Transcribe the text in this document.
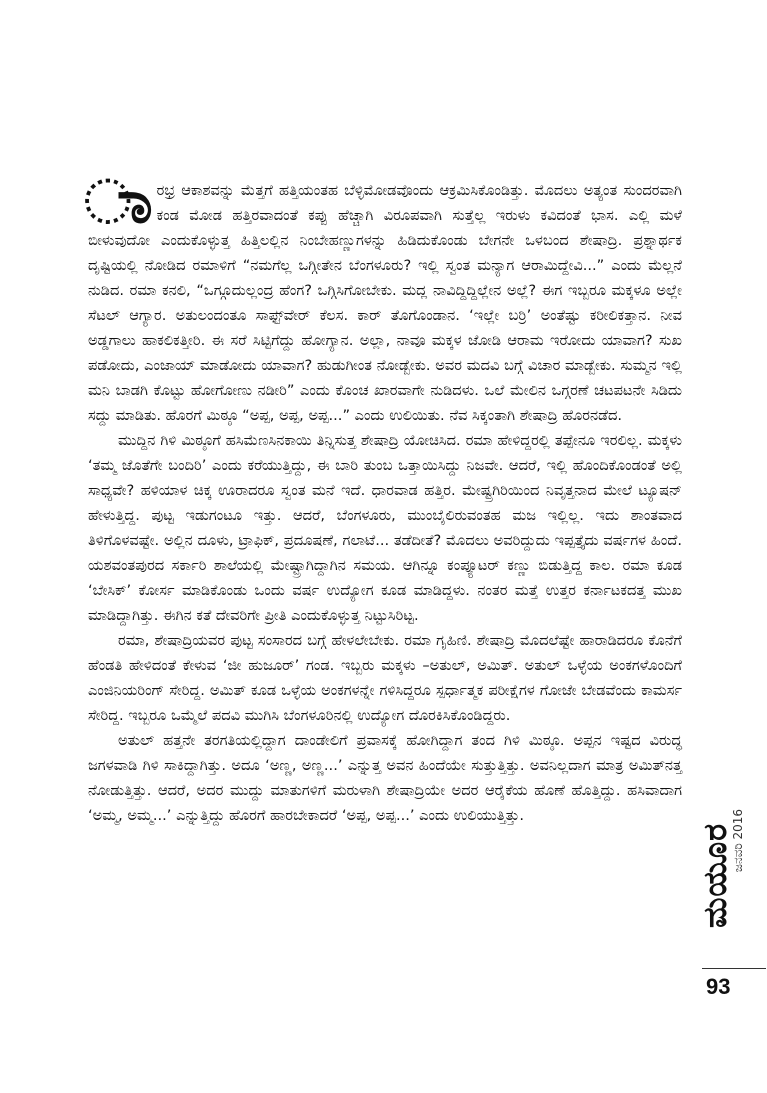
ಾ ರಭ್ರ ಆಕಾಶವನ್ನು ಮೆತ್ತಗೆ ಹತ್ತಿಯಂತಹ ಬೆಳ್ಳಿಮೋಡವೊಂದು ಆಕ್ರಮಿಸಿಕೊಂಡಿತ್ತು. ಮೊದಲು ಅತ್ಯಂತ ಸುಂದರವಾಗಿ ಕಂಡ ಮೋಡ ಹತ್ತಿರವಾದಂತೆ ಕಪ್ಪು ಹೆಚ್ಚಾಗಿ ವಿರೂಪವಾಗಿ ಸುತ್ತೆಲ್ಲ ಇರುಳು ಕವಿದಂತೆ ಭಾಸ. ಎಲ್ಲಿ ಮಳೆ ಬೀಳುವುದೋ ಎಂದುಕೊಳ್ಳುತ್ತ ಹಿತ್ತಿಲಲ್ಲಿನ ನಿಂಬೇಹಣ್ಣುಗಳನ್ನು ಹಿಡಿದುಕೊಂಡು ಬೇಗನೇ ಒಳಬಂದ ಶೇಷಾದ್ರಿ. ಪ್ರಶ್ನಾರ್ಥಕ ದೃಷ್ಟಿಯಲ್ಲಿ ನೋಡಿದ ರಮಾಳಿಗೆ “ನಮಗೆಲ್ಲ ಒಗ್ಗೀತೇನ ಬೆಂಗಳೂರು? ಇಲ್ಲಿ ಸ್ವಂತ ಮನ್ಯಾಗ ಆರಾಮಿದ್ದೇವಿ...” ಎಂದು ಮೆಲ್ಲನೆ ನುಡಿದ. ರಮಾ ಕನಲಿ, “ಒಗ್ಗೂದುಲ್ಲಂದ್ರ ಹೆಂಗ? ಒಗ್ಗಿಸಿಗೋಬೇಕು. ಮದ್ಲ ನಾವಿದ್ದಿದ್ದಿಲ್ಲೇನ ಅಲ್ಲೆ? ಈಗ ಇಬ್ಬರೂ ಮಕ್ಕಳೂ ಅಲ್ಲೇ ಸೆಟಲ್ ಆಗ್ಯಾರ. ಅತುಲಂದಂತೂ ಸಾಫ್ಟ್‌ವೇರ್ ಕೆಲಸ. ಕಾರ್ ತೊಗೊಂಡಾನ. ‘ಇಲ್ಲೇ ಬರ್ರಿ’ ಅಂತೆಷ್ಟು ಕರೀಲಿಕತ್ತಾನ. ನೀವ ಅಡ್ಡಗಾಲು ಹಾಕಲಿಕತ್ತೀರಿ. ಈ ಸರೆ ಸಿಟ್ಟಿಗೆದ್ದು ಹೋಗ್ಯಾನ. ಅಲ್ಲಾ, ನಾವೂ ಮಕ್ಕಳ ಜೋಡಿ ಆರಾಮ ಇರೋದು ಯಾವಾಗ? ಸುಖ ಪಡೋದು, ಎಂಜಾಯ್ ಮಾಡೋದು ಯಾವಾಗ? ಹುಡುಗೀಂತ ನೋಡ್ಬೇಕು. ಅವರ ಮದವಿ ಬಗ್ಗೆ ವಿಚಾರ ಮಾಡ್ಬೇಕು. ಸುಮ್ಮನ ಇಲ್ಲಿ ಮನಿ ಬಾಡಗಿ ಕೊಟ್ಟು ಹೋಗೋಣು ನಡೀರಿ” ಎಂದು ಕೊಂಚ ಖಾರವಾಗೇ ನುಡಿದಳು. ಒಲೆ ಮೇಲಿನ ಒಗ್ಗರಣೆ ಚಟಪಟನೇ ಸಿಡಿದು ಸದ್ದು ಮಾಡಿತು. ಹೊರಗೆ ಮಿಠ್ಠೂ “ಅಪ್ಪ, ಅಪ್ಪ, ಅಪ್ಪ...” ಎಂದು ಉಲಿಯಿತು. ನೆವ ಸಿಕ್ಕಂತಾಗಿ ಶೇಷಾದ್ರಿ ಹೊರನಡೆದ.

ಮುದ್ದಿನ ಗಿಳಿ ಮಿಠ್ಠೂಗೆ ಹಸಿಮೆಣಸಿನಕಾಯಿ ತಿನ್ನಿಸುತ್ತ ಶೇಷಾದ್ರಿ ಯೋಚಿಸಿದ. ರಮಾ ಹೇಳಿದ್ದರಲ್ಲಿ ತಪ್ಪೇನೂ ಇರಲಿಲ್ಲ. ಮಕ್ಕಳು ‘ತಮ್ಮ ಜೊತೆಗೇ ಬಂದಿರಿ’ ಎಂದು ಕರೆಯುತ್ತಿದ್ದು, ಈ ಬಾರಿ ತುಂಬ ಒತ್ತಾಯಿಸಿದ್ದು ನಿಜವೇ. ಆದರೆ, ಇಲ್ಲಿ ಹೊಂದಿಕೊಂಡಂತೆ ಅಲ್ಲಿ ಸಾಧ್ಯವೇ? ಹಳಿಯಾಳ ಚಿಕ್ಕ ಊರಾದರೂ ಸ್ವಂತ ಮನೆ ಇದೆ. ಧಾರವಾಡ ಹತ್ತಿರ. ಮೇಷ್ಟ್ರಗಿರಿಯಿಂದ ನಿವೃತ್ತನಾದ ಮೇಲೆ ಟ್ಯೂಷನ್ ಹೇಳುತ್ತಿದ್ದ. ಪುಟ್ಟ ಇಡುಗಂಟೂ ಇತ್ತು. ಆದರೆ, ಬೆಂಗಳೂರು, ಮುಂಬೈಲಿರುವಂತಹ ಮಜ ಇಲ್ಲಿಲ್ಲ. ಇದು ಶಾಂತವಾದ ತಿಳಿಗೊಳವಷ್ಟೇ. ಅಲ್ಲಿನ ದೂಳು, ಟ್ರಾಫಿಕ್, ಪ್ರದೂಷಣೆ, ಗಲಾಟೆ... ತಡೆದೀತೆ? ಮೊದಲು ಅವರಿದ್ದುದು ಇಪ್ಪತ್ತೈದು ವರ್ಷಗಳ ಹಿಂದೆ. ಯಶವಂತಪುರದ ಸರ್ಕಾರಿ ಶಾಲೆಯಲ್ಲಿ ಮೇಷ್ಟ್ರಾಗಿದ್ದಾಗಿನ ಸಮಯ. ಆಗಿನ್ನೂ ಕಂಪ್ಯೂಟರ್ ಕಣ್ಣು ಬಿಡುತ್ತಿದ್ದ ಕಾಲ. ರಮಾ ಕೂಡ ‘ಬೇಸಿಕ್’ ಕೋರ್ಸ ಮಾಡಿಕೊಂಡು ಒಂದು ವರ್ಷ ಉದ್ಯೋಗ ಕೂಡ ಮಾಡಿದ್ದಳು. ನಂತರ ಮತ್ತೆ ಉತ್ತರ ಕರ್ನಾಟಕದತ್ತ ಮುಖ ಮಾಡಿದ್ದಾಗಿತ್ತು. ಈಗಿನ ಕತೆ ದೇವರಿಗೇ ಪ್ರೀತಿ ಎಂದುಕೊಳ್ಳುತ್ತ ನಿಟ್ಟುಸಿರಿಟ್ಟ.

ರಮಾ, ಶೇಷಾದ್ರಿಯವರ ಪುಟ್ಟ ಸಂಸಾರದ ಬಗ್ಗೆ ಹೇಳಲೇಬೇಕು. ರಮಾ ಗೃಹಿಣಿ. ಶೇಷಾದ್ರಿ ಮೊದಲೆಷ್ಟೇ ಹಾರಾಡಿದರೂ ಕೊನೆಗೆ ಹೆಂಡತಿ ಹೇಳಿದಂತೆ ಕೇಳುವ ‘ಜೀ ಹುಜೂರ್’ ಗಂಡ. ಇಬ್ಬರು ಮಕ್ಕಳು –ಅತುಲ್, ಅಮಿತ್. ಅತುಲ್ ಒಳ್ಳೆಯ ಅಂಕಗಳೊಂದಿಗೆ ಎಂಜಿನಿಯರಿಂಗ್ ಸೇರಿದ್ದ. ಅಮಿತ್ ಕೂಡ ಒಳ್ಳೆಯ ಅಂಕಗಳನ್ನೇ ಗಳಿಸಿದ್ದರೂ ಸ್ಪರ್ಧಾತ್ಮಕ ಪರೀಕ್ಷೆಗಳ ಗೋಜೇ ಬೇಡವೆಂದು ಕಾಮರ್ಸ ಸೇರಿದ್ದ. ಇಬ್ಬರೂ ಒಮ್ಮೆಲೆ ಪದವಿ ಮುಗಿಸಿ ಬೆಂಗಳೂರಿನಲ್ಲಿ ಉದ್ಯೋಗ ದೊರಕಿಸಿಕೊಂಡಿದ್ದರು.

ಅತುಲ್ ಹತ್ತನೇ ತರಗತಿಯಲ್ಲಿದ್ದಾಗ ದಾಂಡೇಲಿಗೆ ಪ್ರವಾಸಕ್ಕೆ ಹೋಗಿದ್ದಾಗ ತಂದ ಗಿಳಿ ಮಿಠ್ಠೂ. ಅಪ್ಪನ ಇಷ್ಟದ ವಿರುದ್ಧ ಜಗಳವಾಡಿ ಗಿಳಿ ಸಾಕಿದ್ದಾಗಿತ್ತು. ಅದೂ ‘ಅಣ್ಣ, ಅಣ್ಣ...’ ಎನ್ನುತ್ತ ಅವನ ಹಿಂದೆಯೇ ಸುತ್ತುತ್ತಿತ್ತು. ಅವನಿಲ್ಲದಾಗ ಮಾತ್ರ ಅಮಿತ್‌ನತ್ತ ನೋಡುತ್ತಿತ್ತು. ಆದರೆ, ಅದರ ಮುದ್ದು ಮಾತುಗಳಿಗೆ ಮರುಳಾಗಿ ಶೇಷಾದ್ರಿಯೇ ಅದರ ಆರೈಕೆಯ ಹೊಣೆ ಹೊತ್ತಿದ್ದು. ಹಸಿವಾದಾಗ ‘ಅಮ್ಮ, ಅಮ್ಮ...’ ಎನ್ನುತ್ತಿದ್ದು ಹೊರಗೆ ಹಾರಬೇಕಾದರೆ ‘ಅಪ್ಪ, ಅಪ್ಪ...’ ಎಂದು ಉಲಿಯುತ್ತಿತ್ತು.

ಮಯೂರ
ಜನವರಿ 2016
93
